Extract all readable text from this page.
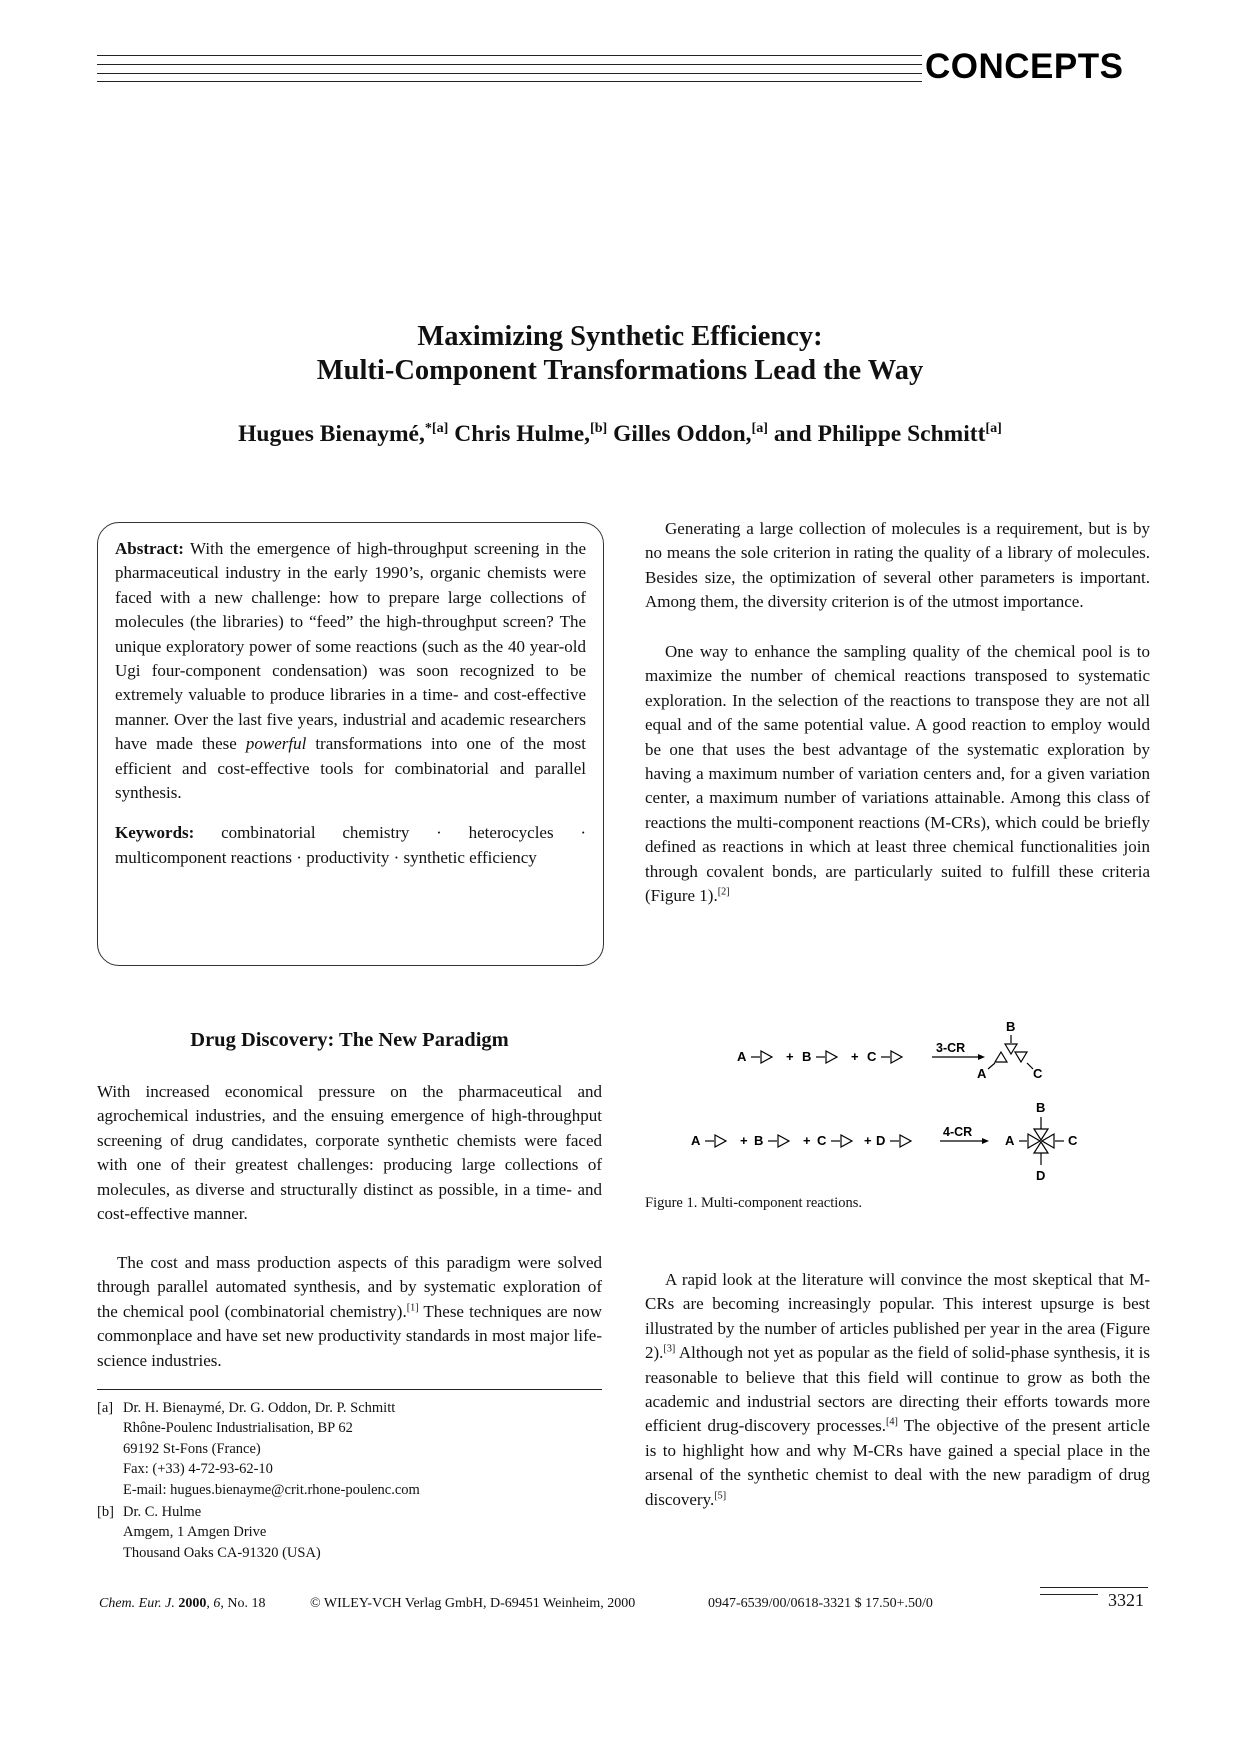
CONCEPTS
Maximizing Synthetic Efficiency:
Multi-Component Transformations Lead the Way
Hugues Bienaymé,$^{*[a]}$ Chris Hulme,[b] Gilles Oddon,[a] and Philippe Schmitt[a]

Abstract: With the emergence of high-throughput screening in the pharmaceutical industry in the early 1990’s, organic chemists were faced with a new challenge: how to prepare large collections of molecules (the libraries) to “feed” the high-throughput screen? The unique exploratory power of some reactions (such as the 40 year-old Ugi four-component condensation) was soon recognized to be extremely valuable to produce libraries in a time- and cost-effective manner. Over the last five years, industrial and academic researchers have made these powerful transformations into one of the most efficient and cost-effective tools for combinatorial and parallel synthesis.

Keywords: combinatorial chemistry · heterocycles · multicomponent reactions · productivity · synthetic efficiency

Drug Discovery: The New Paradigm

With increased economical pressure on the pharmaceutical and agrochemical industries, and the ensuing emergence of high-throughput screening of drug candidates, corporate synthetic chemists were faced with one of their greatest challenges: producing large collections of molecules, as diverse and structurally distinct as possible, in a time- and cost-effective manner.

The cost and mass production aspects of this paradigm were solved through parallel automated synthesis, and by systematic exploration of the chemical pool (combinatorial chemistry).[1] These techniques are now commonplace and have set new productivity standards in most major life-science industries.

[a] Dr. H. Bienaymé, Dr. G. Oddon, Dr. P. Schmitt
Rhône-Poulenc Industrialisation, BP 62
69192 St-Fons (France)
Fax: (+33) 4-72-93-62-10
E-mail: hugues.bienayme@crit.rhone-poulenc.com
[b] Dr. C. Hulme
Amgem, 1 Amgen Drive
Thousand Oaks CA-91320 (USA)

Generating a large collection of molecules is a requirement, but is by no means the sole criterion in rating the quality of a library of molecules. Besides size, the optimization of several other parameters is important. Among them, the diversity criterion is of the utmost importance.

One way to enhance the sampling quality of the chemical pool is to maximize the number of chemical reactions transposed to systematic exploration. In the selection of the reactions to transpose they are not all equal and of the same potential value. A good reaction to employ would be one that uses the best advantage of the systematic exploration by having a maximum number of variation centers and, for a given variation center, a maximum number of variations attainable. Among this class of reactions the multi-component reactions (M-CRs), which could be briefly defined as reactions in which at least three chemical functionalities join through covalent bonds, are particularly suited to fulfill these criteria (Figure 1).[2]

A	+ B	+ C
3-CR
B
A	C
A	+ B	+ C	+ D
4-CR
A
B
C
D
Figure 1. Multi-component reactions.

A rapid look at the literature will convince the most skeptical that M-CRs are becoming increasingly popular. This interest upsurge is best illustrated by the number of articles published per year in the area (Figure 2).[3] Although not yet as popular as the field of solid-phase synthesis, it is reasonable to believe that this field will continue to grow as both the academic and industrial sectors are directing their efforts towards more efficient drug-discovery processes.[4] The objective of the present article is to highlight how and why M-CRs have gained a special place in the arsenal of the synthetic chemist to deal with the new paradigm of drug discovery.[5]

Chem. Eur. J. 2000, 6, No. 18	© WILEY-VCH Verlag GmbH, D-69451 Weinheim, 2000	0947-6539/00/0618-3321 $ 17.50+.50/0	3321
